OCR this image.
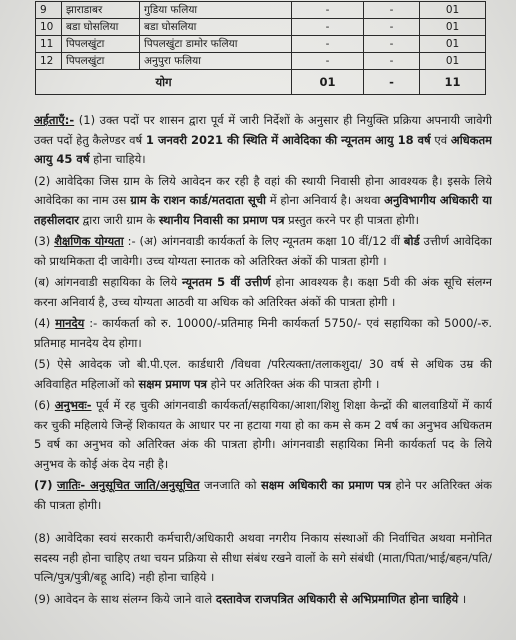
9	झाराडाबर	गुडिया फलिया	-	-	01
10	बडा घोसलिया	बडा घोसलिया	-	-	01
11	पिपलखुंटा	पिपलखुंटा डामोर फलिया	-	-	01
12	पिपलखुंटा	अनुपुरा फलिया	-	-	01
योग			01	-	11

अर्हताएँ:- (1) उक्त पदों पर शासन द्वारा पूर्व में जारी निर्देशों के अनुसार ही नियुक्ति प्रक्रिया अपनायी जावेगी उक्त पदों हेतु कैलेण्डर वर्ष 1 जनवरी 2021 की स्थिति में आवेदिका की न्यूनतम आयु 18 वर्ष एवं अधिकतम आयु 45 वर्ष होना चाहिये।

(2) आवेदिका जिस ग्राम के लिये आवेदन कर रही है वहां की स्थायी निवासी होना आवश्यक है। इसके लिये आवेदिका का नाम उस ग्राम के राशन कार्ड/मतदाता सूची में होना अनिवार्य है। अथवा अनुविभागीय अधिकारी या तहसीलदार द्वारा जारी ग्राम के स्थानीय निवासी का प्रमाण पत्र प्रस्तुत करने पर ही पात्रता होगी।

(3) शैक्षणिक योग्यता :- (अ) आंगनवाडी कार्यकर्ता के लिए न्यूनतम कक्षा 10 वीं/12 वीं बोर्ड उत्तीर्ण आवेदिका को प्राथमिकता दी जावेगी। उच्च योग्यता स्नातक को अतिरिक्त अंकों की पात्रता होगी ।

(ब) आंगनवाडी सहायिका के लिये न्यूनतम 5 वीं उत्तीर्ण होना आवश्यक है। कक्षा 5वी की अंक सूचि संलग्न करना अनिवार्य है, उच्च योग्यता आठवी या अधिक को अतिरिक्त अंकों की पात्रता होगी ।

(4) मानदेय :- कार्यकर्ता को रु. 10000/-प्रतिमाह मिनी कार्यकर्ता 5750/- एवं सहायिका को 5000/-रु. प्रतिमाह मानदेय देय होगा।

(5) ऐसे आवेदक जो बी.पी.एल. कार्डधारी /विधवा /परित्यक्ता/तलाकशुदा/ 30 वर्ष से अधिक उम्र की अविवाहित महिलाओं को सक्षम प्रमाण पत्र होने पर अतिरिक्त अंक की पात्रता होगी ।

(6) अनुभवः- पूर्व में रह चुकी आंगनवाडी कार्यकर्ता/सहायिका/आशा/शिशु शिक्षा केन्द्रों की बालवाडियों में कार्य कर चुकी महिलाये जिन्हें शिकायत के आधार पर ना हटाया गया हो का कम से कम 2 वर्ष का अनुभव अधिकतम 5 वर्ष का अनुभव को अतिरिक्त अंक की पात्रता होगी। आंगनवाडी सहायिका मिनी कार्यकर्ता पद के लिये अनुभव के कोई अंक देय नही है।

(7) जातिः- अनुसूचित जाति/अनुसूचित जनजाति को सक्षम अधिकारी का प्रमाण पत्र होने पर अतिरिक्त अंक की पात्रता होगी।

(8) आवेदिका स्वयं सरकारी कर्मचारी/अधिकारी अथवा नगरीय निकाय संस्थाओं की निर्वाचित अथवा मनोनित सदस्य नही होना चाहिए तथा चयन प्रक्रिया से सीधा संबंध रखने वालों के सगे संबंधी (माता/पिता/भाई/बहन/पति/पत्नि/पुत्र/पुत्री/बहू आदि) नही होना चाहिये ।

(9) आवेदन के साथ संलग्न किये जाने वाले दस्तावेज राजपत्रित अधिकारी से अभिप्रमाणित होना चाहिये ।
